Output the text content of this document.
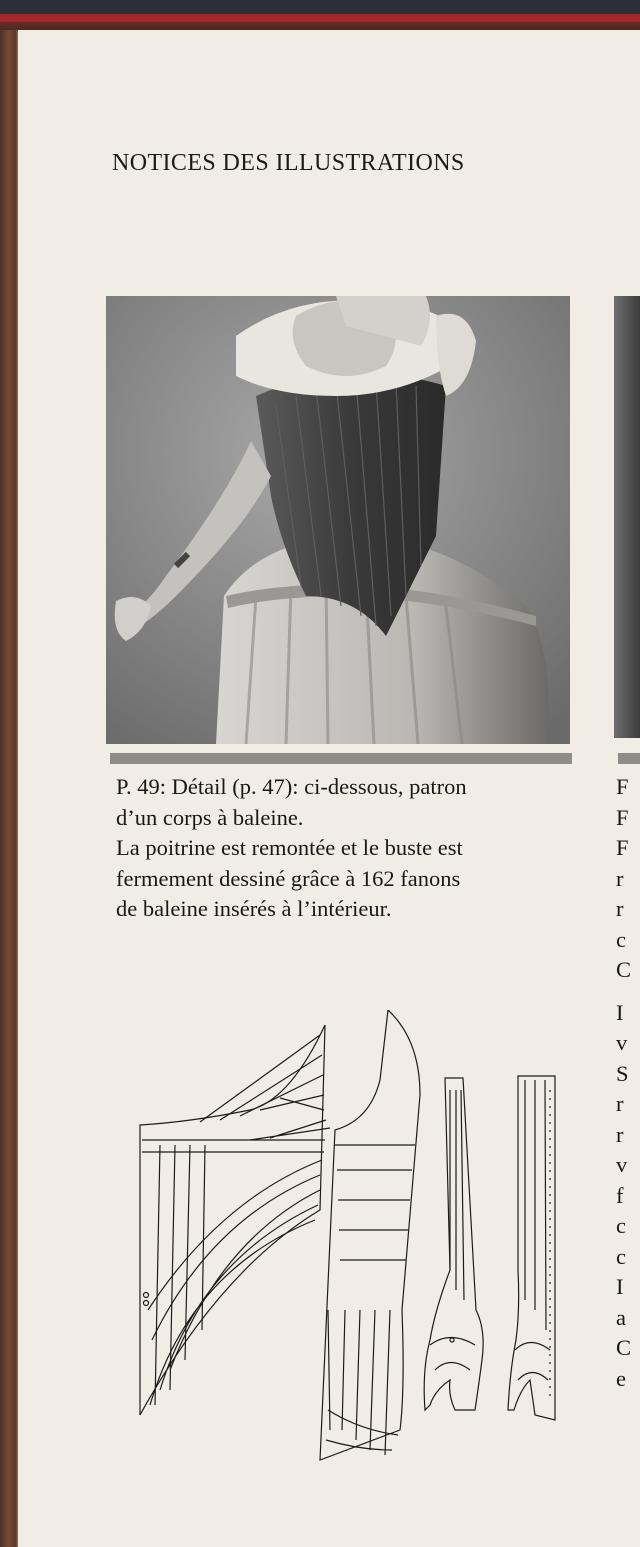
NOTICES DES ILLUSTRATIONS
P. 49: Détail (p. 47): ci-dessous, patron
d’un corps à baleine.
La poitrine est remontée et le buste est
fermement dessiné grâce à 162 fanons
de baleine insérés à l’intérieur.
F
F
F
r
r
c
C
I
v
S
r
r
v
f
c
c
I
a
C
e
